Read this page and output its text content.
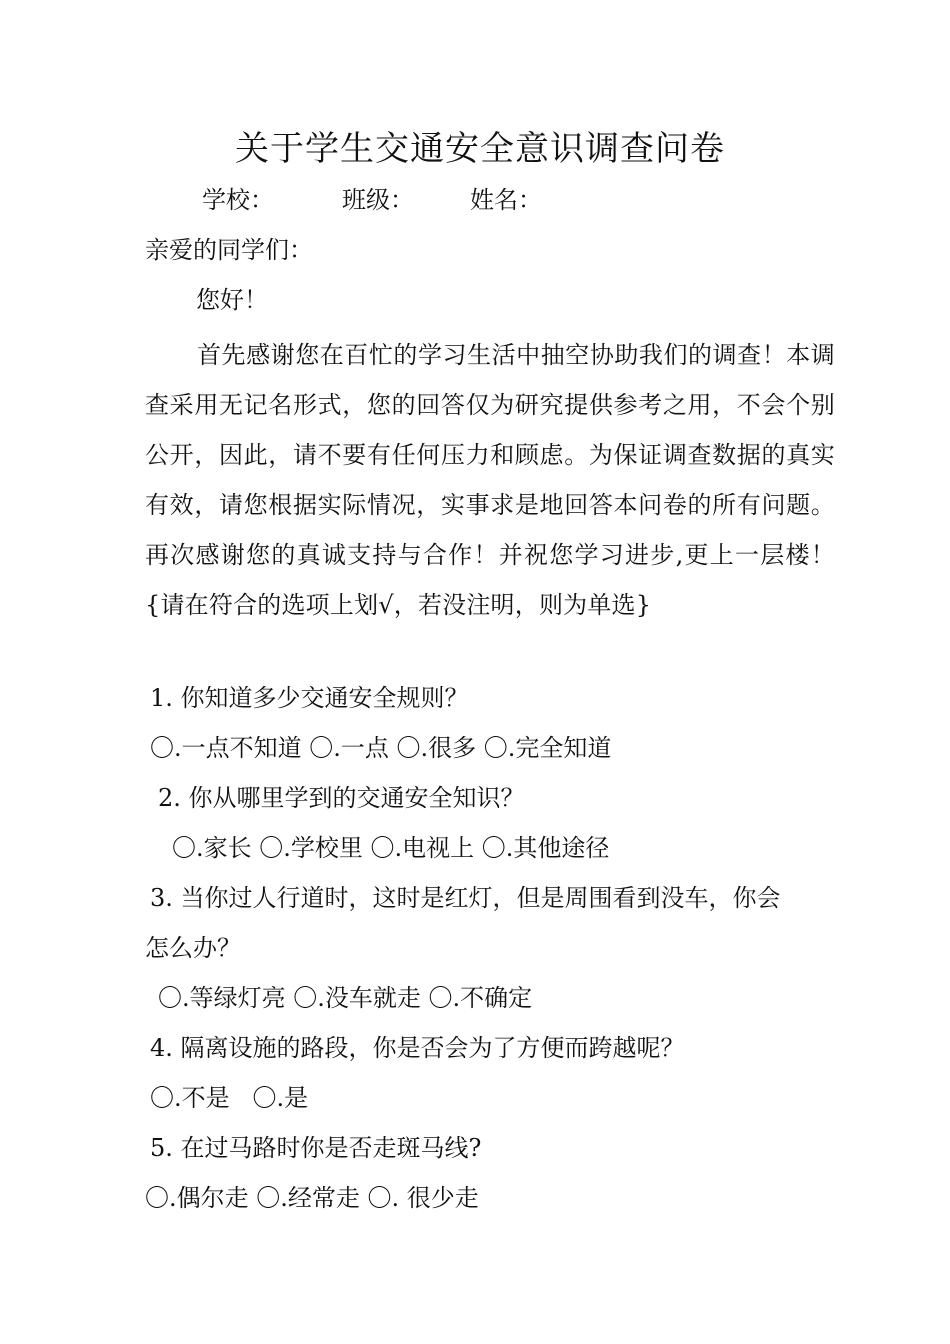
关于学生交通安全意识调查问卷
学校：	班级： 姓名：
亲爱的同学们：
您好！
首先感谢您在百忙的学习生活中抽空协助我们的调查！本调查采用无记名形式，您的回答仅为研究提供参考之用，不会个别公开，因此，请不要有任何压力和顾虑。为保证调查数据的真实有效，请您根据实际情况，实事求是地回答本问卷的所有问题。再次感谢您的真诚支持与合作！并祝您学习进步,更上一层楼！ {请在符合的选项上划√，若没注明，则为单选}
1. 你知道多少交通安全规则？
〇.一点不知道 〇.一点 〇.很多 〇.完全知道
2. 你从哪里学到的交通安全知识？
〇.家长 〇.学校里 〇.电视上 〇.其他途径
3. 当你过人行道时，这时是红灯，但是周围看到没车，你会
怎么办？
〇.等绿灯亮 〇.没车就走 〇.不确定
4. 隔离设施的路段，你是否会为了方便而跨越呢？
〇.不是   〇.是
5. 在过马路时你是否走斑马线?
〇.偶尔走 〇.经常走 〇. 很少走
